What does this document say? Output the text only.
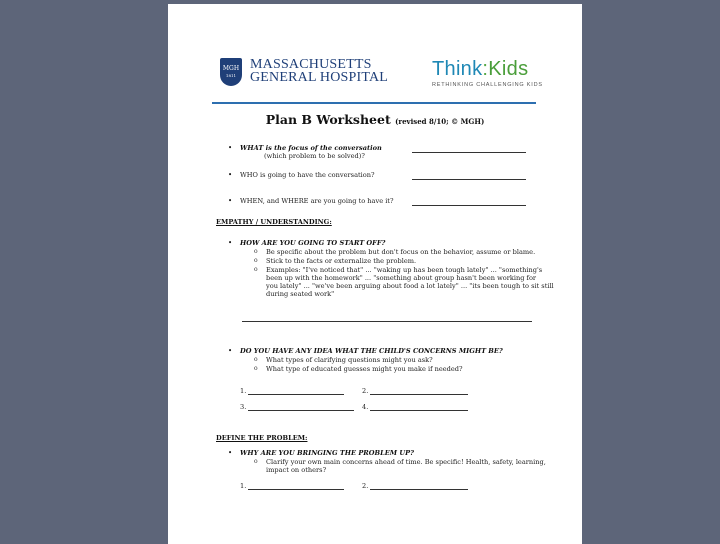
MGH
1811
MASSACHUSETTS
GENERAL HOSPITAL Think:Kids
RETHINKING CHALLENGING KIDS
Plan B Worksheet (revised 8/10; © MGH)
• WHAT is the focus of the conversation
(which problem to be solved)?
• WHO is going to have the conversation?
• WHEN, and WHERE are you going to have it?
EMPATHY / UNDERSTANDING:
• HOW ARE YOU GOING TO START OFF?
o Be specific about the problem but don't focus on the behavior, assume or blame.
o Stick to the facts or externalize the problem.
o Examples: "I've noticed that" ... "waking up has been tough lately" ... "something's
been up with the homework" ... "something about group hasn't been working for
you lately" ... "we've been arguing about food a lot lately" ... "its been tough to sit still
during seated work"
• DO YOU HAVE ANY IDEA WHAT THE CHILD'S CONCERNS MIGHT BE?
o What types of clarifying questions might you ask?
o What type of educated guesses might you make if needed?
1.	2.
3.	4.
DEFINE THE PROBLEM:
• WHY ARE YOU BRINGING THE PROBLEM UP?
o Clarify your own main concerns ahead of time. Be specific! Health, safety, learning,
impact on others?
1.	2.
